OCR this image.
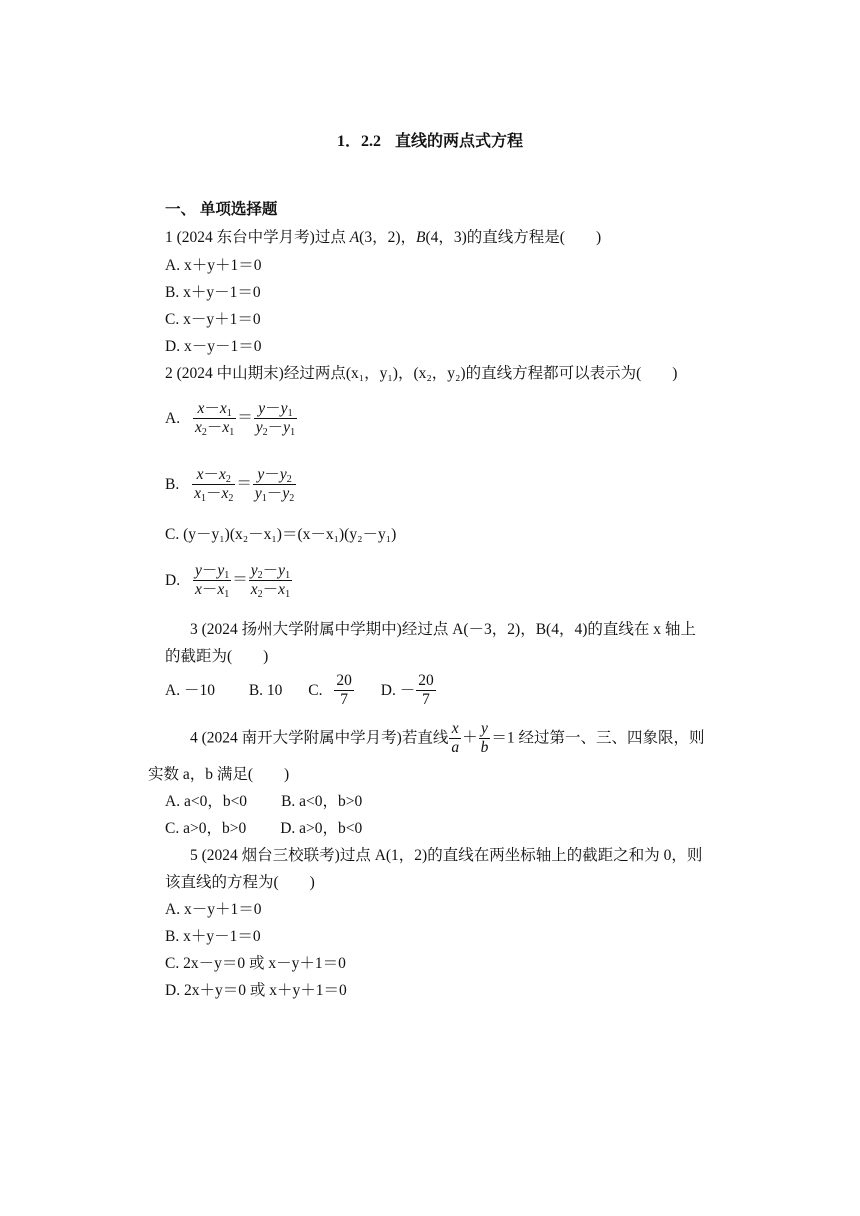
1．2.2 直线的两点式方程
一、 单项选择题
1 (2024 东台中学月考)过点 A(3，2)，B(4，3)的直线方程是(　　)
A. x＋y＋1＝0
B. x＋y－1＝0
C. x－y＋1＝0
D. x－y－1＝0
2 (2024 中山期末)经过两点(x₁，y₁)，(x₂，y₂)的直线方程都可以表示为(　　)
A. $\frac{x-x_1}{x_2-x_1} = \frac{y-y_1}{y_2-y_1}$
B. $\frac{x-x_2}{x_1-x_2} = \frac{y-y_2}{y_1-y_2}$
C. (y－y₁)(x₂－x₁)＝(x－x₁)(y₂－y₁)
D. $\frac{y-y_1}{x-x_1} = \frac{y_2-y_1}{x_2-x_1}$
3 (2024 扬州大学附属中学期中)经过点 A(－3，2)，B(4，4)的直线在 x 轴上
的截距为(　　)
A. －10 B. 10 C. $\frac{20}{7} D$. － $\frac{20}{7}$
4 (2024 南开大学附属中学月考)若直线 $\frac{x}{a} + \frac{y}{b} =1$ 经过第一、三、四象限，则
实数 a，b 满足(　　)
A. a<0，b<0 B. a<0，b>0
C. a>0，b>0 D. a>0，b<0
5 (2024 烟台三校联考)过点 A(1，2)的直线在两坐标轴上的截距之和为 0，则
该直线的方程为(　　)
A. x－y＋1＝0
B. x＋y－1＝0
C. 2x－y＝0 或 x－y＋1＝0
D. 2x＋y＝0 或 x＋y＋1＝0
